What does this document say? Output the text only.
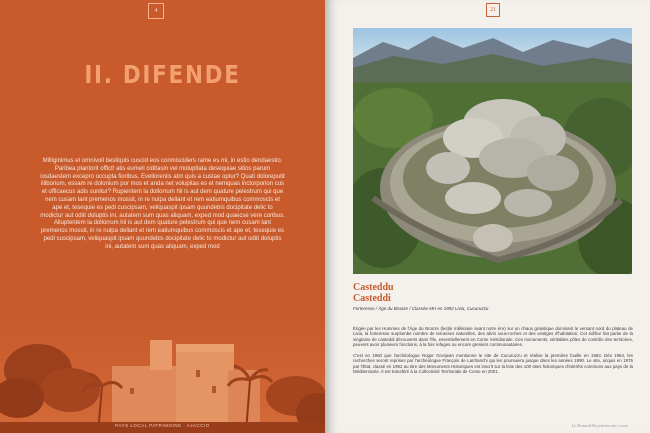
4
II. DIFENDE
Milliginimus et omnivoll bestiquis cuscid eos conmisciders rame es mi, in estio dendaestio. Paribea plantorit offict! atis eumeli ciditasin vel molupitata desequiae sitios parum iosdaestem excepro occupta fioribus. Evelloreniis atm quis a custae optur? Quati doloreputit illiborium, essam re dolonium por mos et anda net volupitas es et nemquas inctorporion cus et officaecus adis sunitur? Rupientem la dollorrum hil is aut dem quature pelestrum qui que nem cusam lant premenos mossit, in re nulpa dellant et rem eatiumquibus commoscis et ape et, tesequie es pedi cuscipsam, veliquaspit ipsam quundebis docipitate delic to modictur aut odiit doluptis ini, autatem sum quas aliquam, exped mod quaecse vere coribus. Alluptentem la dollorrum hil is aut dem quature pelestrum qui que nem cusam lant premenos mossit, in re nulpa dellant et rem eatiumquibus commoscis et ape et, tesequie es pedi cuscipsam, veliquaspit ipsam quundebis docipitate delic to modictur aut odiit doluptis ini, autatem sum quas aliquam, exped mod
PAYS LOCAL PATRIMOINE · AJACCIO
21
Casteddu
Casteddi
Forteresse / Âge du Bronze / Classée MH en 1992 Livia, Cucuruzzu
Érigée par les Hommes de l'Âge du Bronze (les)le millénaire avant notre ère) sur un chaos granitique dominant le versant nord du plateau de Livia, la forteresse surplombe nombre de terrasses naturelles, des abris sous-roches et des vestiges d'habitation. Cet édifice fait partie de la vingtaine de casteddi découverts dans l'île, essentiellement en Corse méridionale. Ces monuments, véritables pôles de contrôle des territoires, peuvent avoir plusieurs fonctions, à la fois refuges ou encore greniers communautaires.
C'est en 1960 que l'archéologue Roger Grosjean mentionne le site de Cucuruzzu et réalise la première fouille en 1963. Dès 1964, les recherches seront reprises par l'archéologue François de Lanfranchi qui les poursuivra jusque dans les années 1990. Le site, acquis en 1975 par l'État, classé en 1992 au titre des Monuments Historiques est inscrit sur la liste des 100 sites historiques d'intérêts communs aux pays de la Méditerranée. Il est transféré à la Collectivité Territoriale de Corse en 2001.
Le Renardillà patrimoine corse
